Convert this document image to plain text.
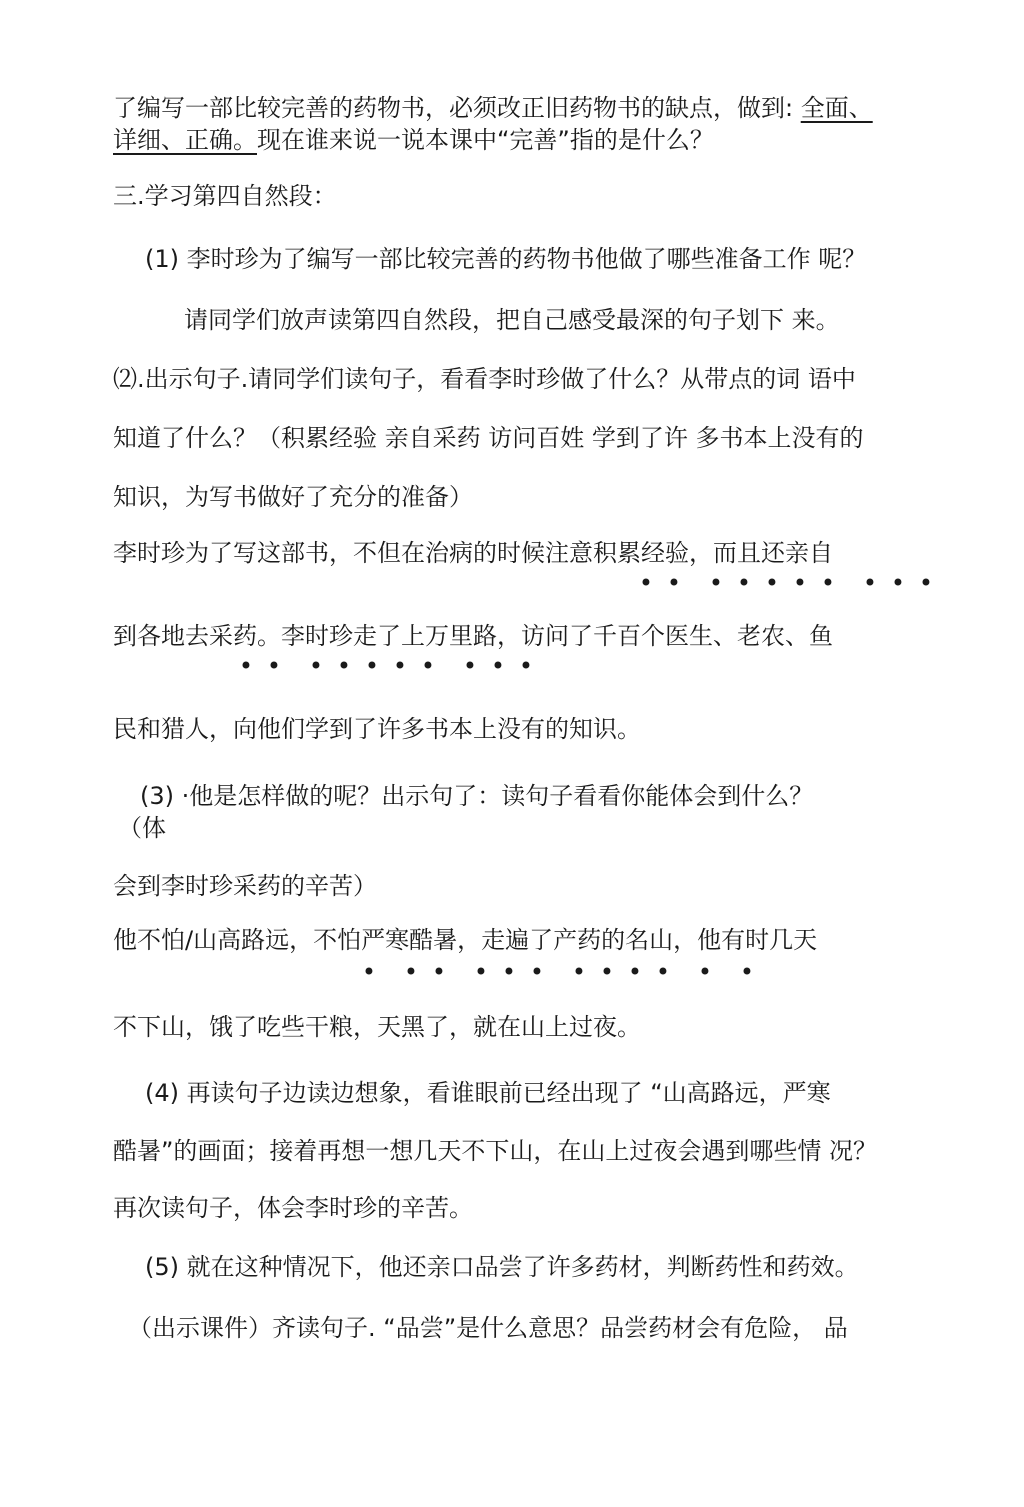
了编写一部比较完善的药物书，必须改正旧药物书的缺点，做到: 全面、
详细、正确。现在谁来说一说本课中“完善”指的是什么？
三.学习第四自然段：
(1) 李时珍为了编写一部比较完善的药物书他做了哪些准备工作 呢？
请同学们放声读第四自然段，把自己感受最深的句子划下 来。
⑵.出示句子.请同学们读句子，看看李时珍做了什么？从带点的词 语中
知道了什么？（积累经验 亲自采药 访问百姓 学到了许 多书本上没有的
知识，为写书做好了充分的准备）
李时珍为了写这部书，不但在治病的时候注意积累经验，而且还亲自
• • • • • • • • • •
到各地去采药。李时珍走了上万里路，访问了千百个医生、老农、鱼
• • • • • • • • • •
民和猎人，向他们学到了许多书本上没有的知识。
(3) ·他是怎样做的呢？出示句了：读句子看看你能体会到什么？
（体
会到李时珍采药的辛苦）
他不怕/山高路远，不怕严寒酷暑，走遍了产药的名山，他有时几天
• • • • • • • • • • • •
不下山，饿了吃些干粮，天黑了，就在山上过夜。
(4) 再读句子边读边想象，看谁眼前已经出现了 “山高路远，严寒
酷暑”的画面；接着再想一想几天不下山，在山上过夜会遇到哪些情 况？
再次读句子，体会李时珍的辛苦。
(5) 就在这种情况下，他还亲口品尝了许多药材，判断药性和药效。
（出示课件）齐读句子. “品尝”是什么意思？品尝药材会有危险， 品
